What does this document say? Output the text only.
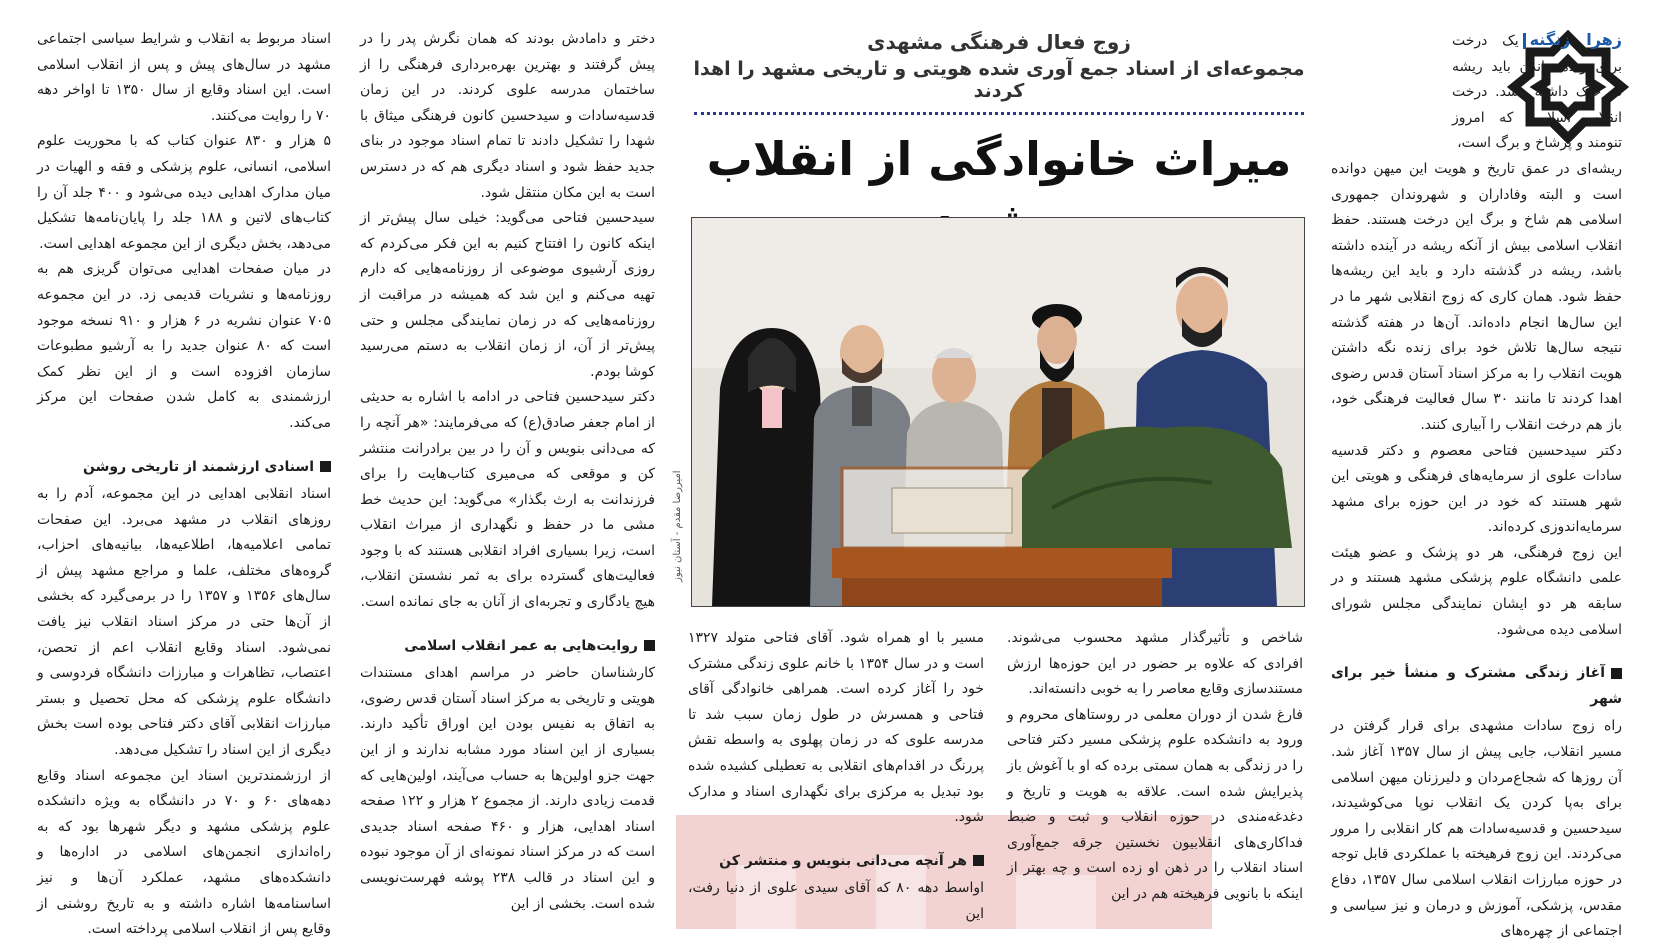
زهرا زنگنهیک درخت برای زنده ماندن باید ریشه در خاک داشته باشد. درخت انقلاب اسلامی که امروز تنومند و پرشاخ و برگ است،

ریشه‌ای در عمق تاریخ و هویت این میهن دوانده است و البته وفاداران و شهروندان جمهوری اسلامی هم شاخ و برگ این درخت هستند. حفظ انقلاب اسلامی بیش از آنکه ریشه در آینده داشته باشد، ریشه در گذشته دارد و باید این ریشه‌ها حفظ شود. همان کاری که زوج انقلابی شهر ما در این سال‌ها انجام داده‌اند. آن‌ها در هفته گذشته نتیجه سال‌ها تلاش خود برای زنده نگه داشتن هویت انقلاب را به مرکز اسناد آستان قدس رضوی اهدا کردند تا مانند ۳۰ سال فعالیت فرهنگی خود، باز هم درخت انقلاب را آبیاری کنند.

دکتر سیدحسین فتاحی معصوم و دکتر قدسیه سادات علوی از سرمایه‌های فرهنگی و هویتی این شهر هستند که خود در این حوزه برای مشهد سرمایه‌اندوزی کرده‌اند.

این زوج فرهنگی، هر دو پزشک و عضو هیئت علمی دانشگاه علوم پزشکی مشهد هستند و در سابقه هر دو ایشان نمایندگی مجلس شورای اسلامی دیده می‌شود.

آغاز زندگی مشترک و منشأ خیر برای شهر

راه زوج سادات مشهدی برای قرار گرفتن در مسیر انقلاب، جایی پیش از سال ۱۳۵۷ آغاز شد. آن روزها که شجاع‌مردان و دلیرزنان میهن اسلامی برای به‌پا کردن یک انقلاب نوپا می‌کوشیدند، سیدحسین و قدسیه‌سادات هم کار انقلابی را مرور می‌کردند. این زوج فرهیخته با عملکردی قابل توجه در حوزه مبارزات انقلاب اسلامی سال ۱۳۵۷، دفاع مقدس، پزشکی، آموزش و درمان و نیز سیاسی و اجتماعی از چهره‌های

زوج فعال فرهنگی مشهدی
مجموعه‌ای از اسناد جمع آوری شده هویتی و تاریخی مشهد را اهدا کردند
میراث خانوادگی از انقلاب
امیررضا مقدم - آستان نیوز

شاخص و تأثیرگذار مشهد محسوب می‌شوند. افرادی که علاوه بر حضور در این حوزه‌ها ارزش مستندسازی وقایع معاصر را به خوبی دانسته‌اند.

فارغ شدن از دوران معلمی در روستاهای محروم و ورود به دانشکده علوم پزشکی مسیر دکتر فتاحی را در زندگی به همان سمتی برده که او با آغوش باز پذیرایش شده است. علاقه به هویت و تاریخ و دغدغه‌مندی در حوزه انقلاب و ثبت و ضبط فداکاری‌های انقلابیون نخستین جرقه جمع‌آوری اسناد انقلاب را در ذهن او زده است و چه بهتر از اینکه با بانویی فرهیخته هم در این

مسیر با او همراه شود. آقای فتاحی متولد ۱۳۲۷ است و در سال ۱۳۵۴ با خانم علوی زندگی مشترک خود را آغاز کرده است. همراهی خانوادگی آقای فتاحی و همسرش در طول زمان سبب شد تا مدرسه علوی که در زمان پهلوی به واسطه نقش پررنگ در اقدام‌های انقلابی به تعطیلی کشیده شده بود تبدیل به مرکزی برای نگهداری اسناد و مدارک شود.

هر آنچه می‌دانی بنویس و منتشر کن

اواسط دهه ۸۰ که آقای سیدی علوی از دنیا رفت، این

دختر و دامادش بودند که همان نگرش پدر را در پیش گرفتند و بهترین بهره‌برداری فرهنگی را از ساختمان مدرسه علوی کردند. در این زمان قدسیه‌سادات و سیدحسین کانون فرهنگی میثاق با شهدا را تشکیل دادند تا تمام اسناد موجود در بنای جدید حفظ شود و اسناد دیگری هم که در دسترس است به این مکان منتقل شود.

سیدحسین فتاحی می‌گوید: خیلی سال پیش‌تر از اینکه کانون را افتتاح کنیم به این فکر می‌کردم که روزی آرشیوی موضوعی از روزنامه‌هایی که دارم تهیه می‌کنم و این شد که همیشه در مراقبت از روزنامه‌هایی که در زمان نمایندگی مجلس و حتی پیش‌تر از آن، از زمان انقلاب به دستم می‌رسید کوشا بودم.

دکتر سیدحسین فتاحی در ادامه با اشاره به حدیثی از امام جعفر صادق(ع) که می‌فرمایند: «هر آنچه را که می‌دانی بنویس و آن را در بین برادرانت منتشر کن و موقعی که می‌میری کتاب‌هایت را برای فرزندانت به ارث بگذار» می‌گوید: این حدیث خط مشی ما در حفظ و نگهداری از میراث انقلاب است، زیرا بسیاری افراد انقلابی هستند که با وجود فعالیت‌های گسترده برای به ثمر نشستن انقلاب، هیچ یادگاری و تجربه‌ای از آنان به جای نمانده است.

روایت‌هایی به عمر انقلاب اسلامی

کارشناسان حاضر در مراسم اهدای مستندات هویتی و تاریخی به مرکز اسناد آستان قدس رضوی، به اتفاق به نفیس بودن این اوراق تأکید دارند. بسیاری از این اسناد مورد مشابه ندارند و از این جهت جزو اولین‌ها به حساب می‌آیند، اولین‌هایی که قدمت زیادی دارند. از مجموع ۲ هزار و ۱۲۲ صفحه اسناد اهدایی، هزار و ۴۶۰ صفحه اسناد جدیدی است که در مرکز اسناد نمونه‌ای از آن موجود نبوده و این اسناد در قالب ۲۳۸ پوشه فهرست‌نویسی شده است. بخشی از این

اسناد مربوط به انقلاب و شرایط سیاسی اجتماعی مشهد در سال‌های پیش و پس از انقلاب اسلامی است. این اسناد وقایع از سال ۱۳۵۰ تا اواخر دهه ۷۰ را روایت می‌کنند.

۵ هزار و ۸۳۰ عنوان کتاب که با محوریت علوم اسلامی، انسانی، علوم پزشکی و فقه و الهیات در میان مدارک اهدایی دیده می‌شود و ۴۰۰ جلد آن را کتاب‌های لاتین و ۱۸۸ جلد را پایان‌نامه‌ها تشکیل می‌دهد، بخش دیگری از این مجموعه اهدایی است.

در میان صفحات اهدایی می‌توان گریزی هم به روزنامه‌ها و نشریات قدیمی زد. در این مجموعه ۷۰۵ عنوان نشریه در ۶ هزار و ۹۱۰ نسخه موجود است که ۸۰ عنوان جدید را به آرشیو مطبوعات سازمان افزوده است و از این نظر کمک ارزشمندی به کامل شدن صفحات این مرکز می‌کند.

اسنادی ارزشمند از تاریخی روشن

اسناد انقلابی اهدایی در این مجموعه، آدم را به روزهای انقلاب در مشهد می‌برد. این صفحات تمامی اعلامیه‌ها، اطلاعیه‌ها، بیانیه‌های احزاب، گروه‌های مختلف، علما و مراجع مشهد پیش از سال‌های ۱۳۵۶ و ۱۳۵۷ را در برمی‌گیرد که بخشی از آن‌ها حتی در مرکز اسناد انقلاب نیز یافت نمی‌شود. اسناد وقایع انقلاب اعم از تحصن، اعتصاب، تظاهرات و مبارزات دانشگاه فردوسی و دانشگاه علوم پزشکی که محل تحصیل و بستر مبارزات انقلابی آقای دکتر فتاحی بوده است بخش دیگری از این اسناد را تشکیل می‌دهد.

از ارزشمندترین اسناد این مجموعه اسناد وقایع دهه‌های ۶۰ و ۷۰ در دانشگاه به ویژه دانشکده علوم پزشکی مشهد و دیگر شهرها بود که به راه‌اندازی انجمن‌های اسلامی در اداره‌ها و دانشکده‌های مشهد، عملکرد آن‌ها و نیز اساسنامه‌ها اشاره داشته و به تاریخ روشنی از وقایع پس از انقلاب اسلامی پرداخته است.
